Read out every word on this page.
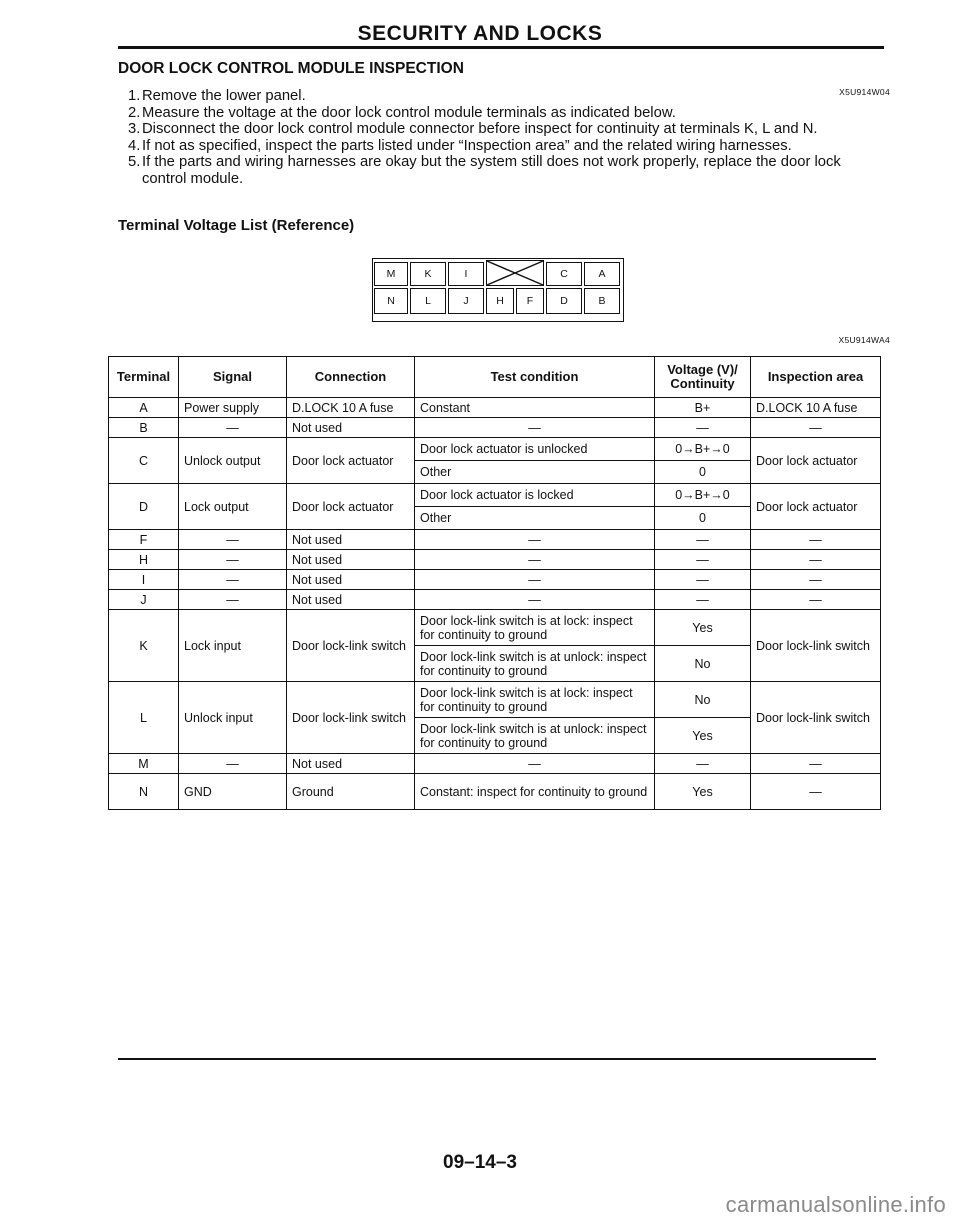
SECURITY AND LOCKS
DOOR LOCK CONTROL MODULE INSPECTION
X5U914W04
1. Remove the lower panel.
2. Measure the voltage at the door lock control module terminals as indicated below.
3. Disconnect the door lock control module connector before inspect for continuity at terminals K, L and N.
4. If not as specified, inspect the parts listed under “Inspection area” and the related wiring harnesses.
5. If the parts and wiring harnesses are okay but the system still does not work properly, replace the door lock control module.
Terminal Voltage List (Reference)
M	K	I	C	A
N	L	J	H	F	D	B
X5U914WA4
Terminal	Signal	Connection	Test condition	Voltage (V)/ Continuity	Inspection area
A	Power supply	D.LOCK 10 A fuse	Constant	B+	D.LOCK 10 A fuse
B	—	Not used	—	—	—
C	Unlock output	Door lock actuator	Door lock actuator is unlocked	0→B+→0	Door lock actuator
			Other	0	
D	Lock output	Door lock actuator	Door lock actuator is locked	0→B+→0	Door lock actuator
			Other	0	
F	—	Not used	—	—	—
H	—	Not used	—	—	—
I	—	Not used	—	—	—
J	—	Not used	—	—	—
K	Lock input	Door lock-link switch	Door lock-link switch is at lock: inspect for continuity to ground	Yes	Door lock-link switch
			Door lock-link switch is at unlock: inspect for continuity to ground	No	
L	Unlock input	Door lock-link switch	Door lock-link switch is at lock: inspect for continuity to ground	No	Door lock-link switch
			Door lock-link switch is at unlock: inspect for continuity to ground	Yes	
M	—	Not used	—	—	—
N	GND	Ground	Constant: inspect for continuity to ground	Yes	—
09–14–3
carmanualsonline.info
